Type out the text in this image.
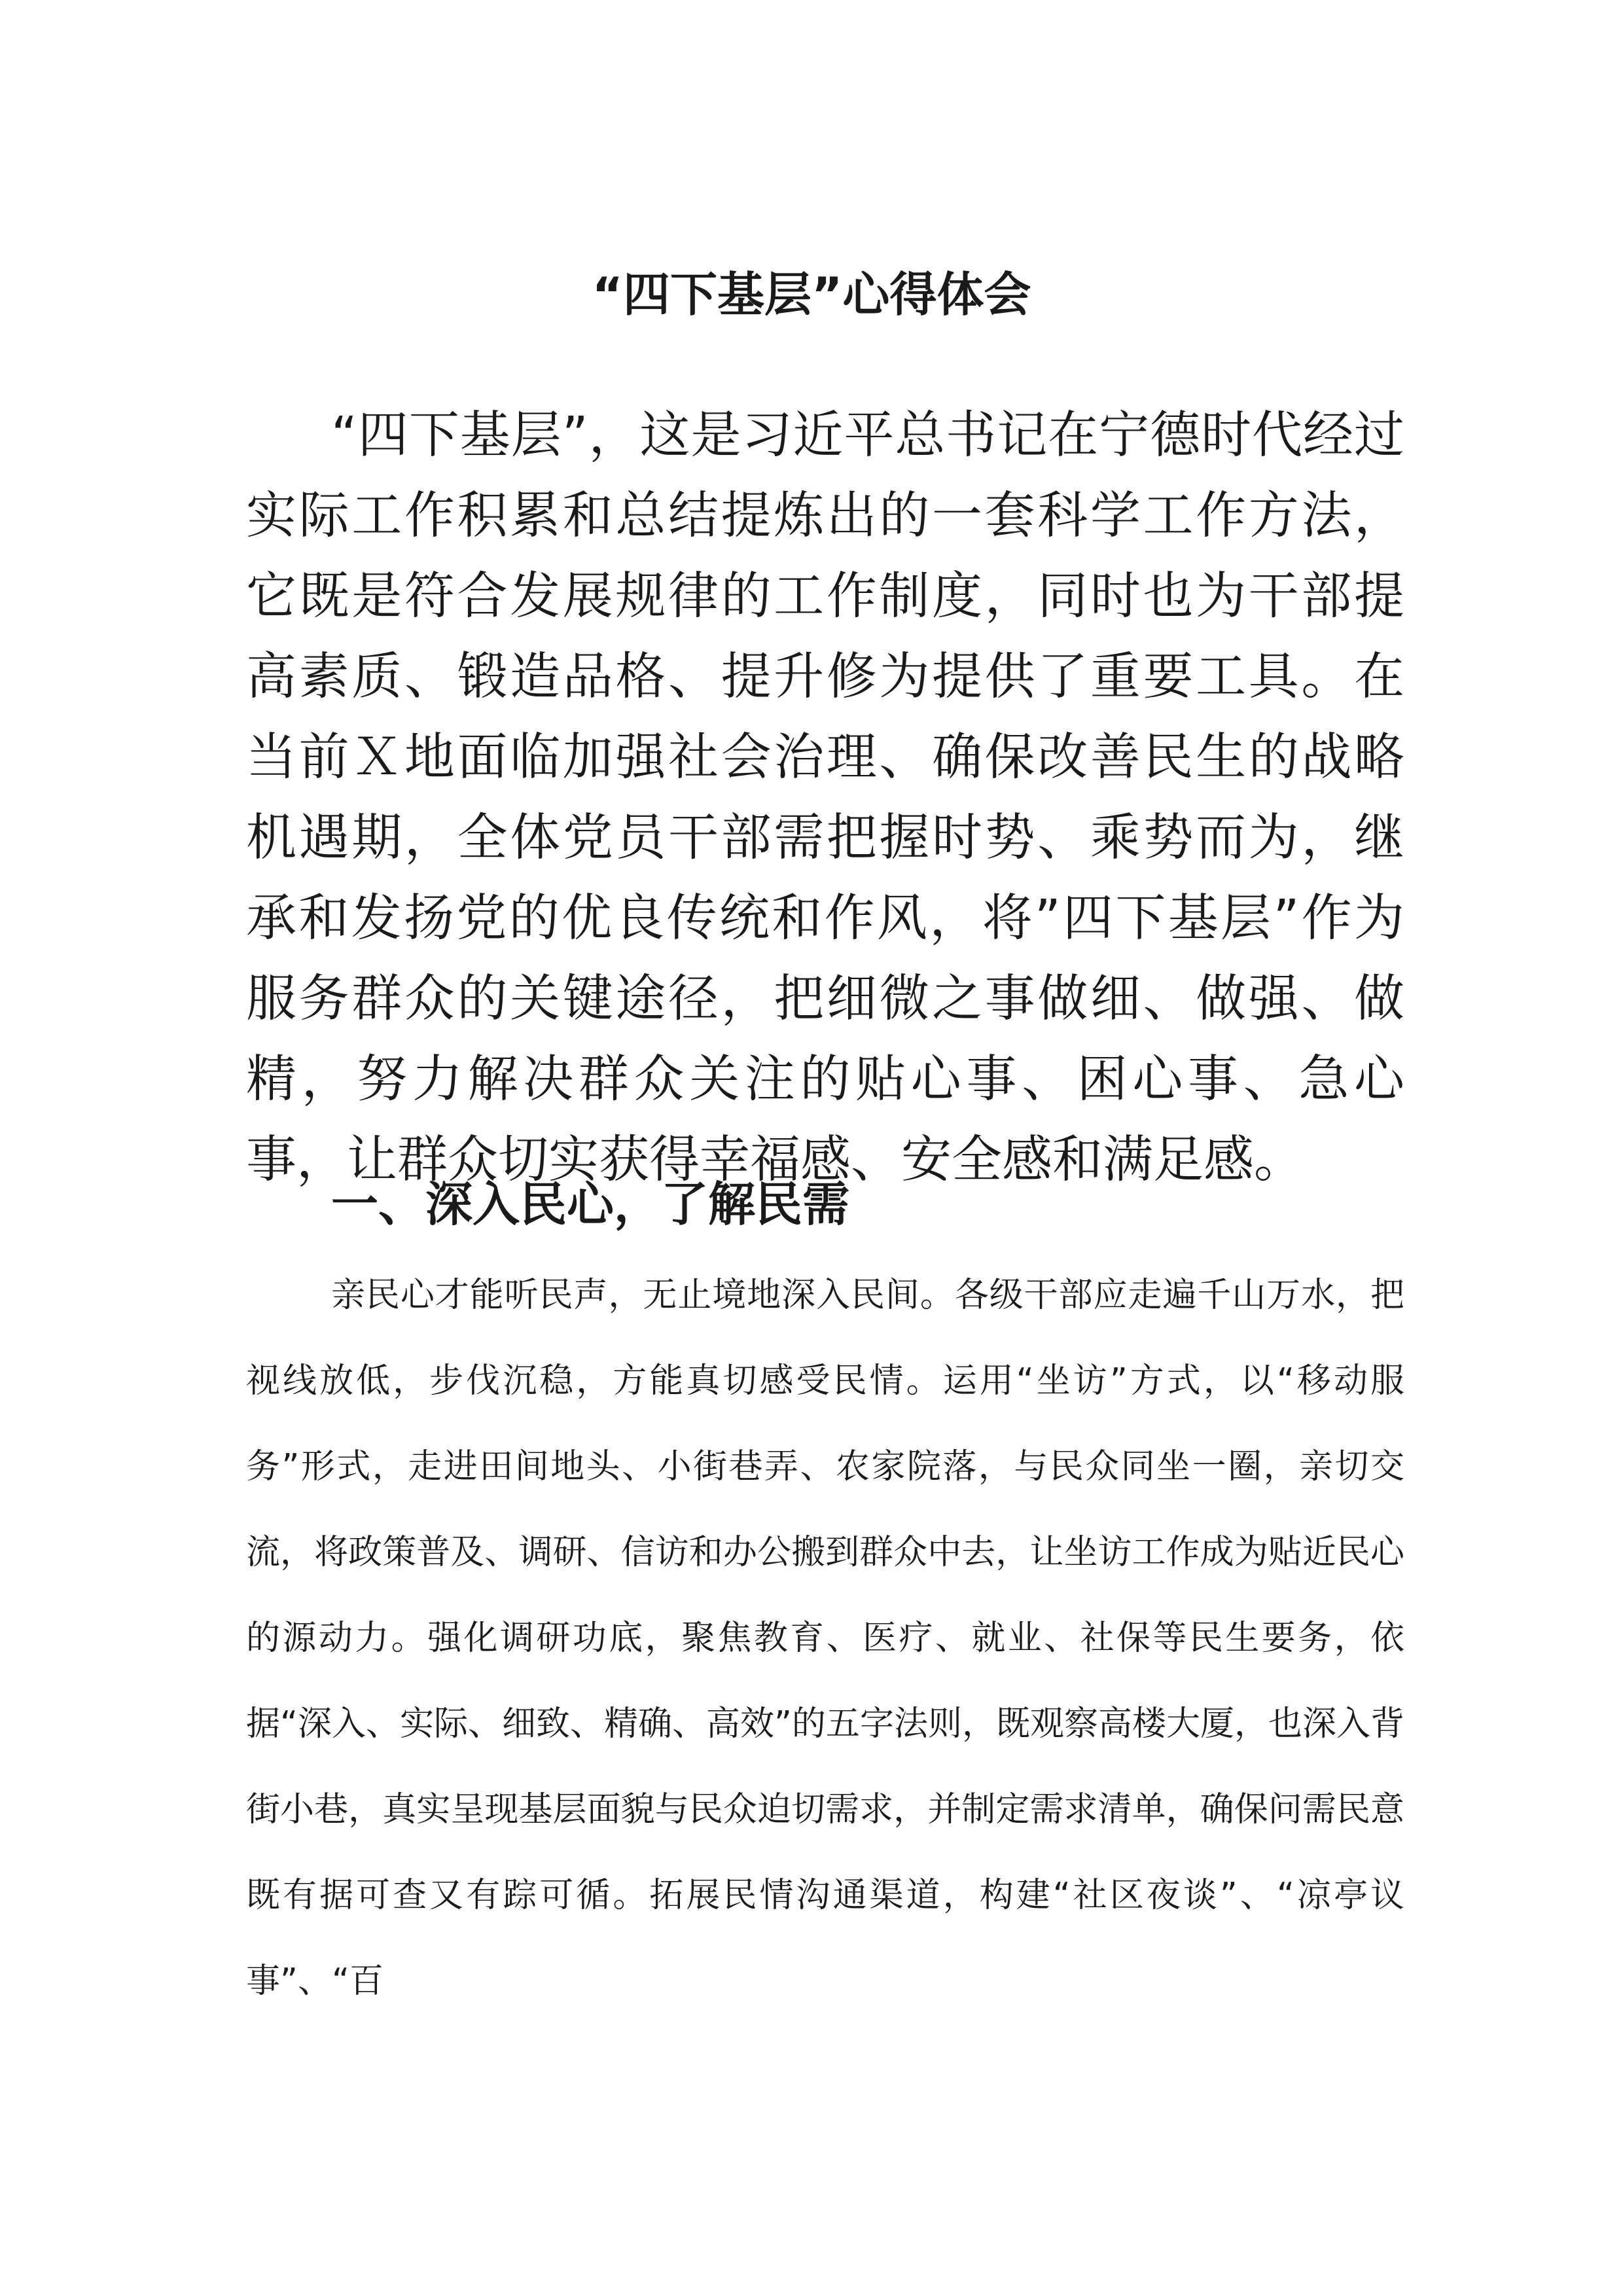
“四下基层”心得体会

“四下基层”，这是习近平总书记在宁德时代经过实际工作积累和总结提炼出的一套科学工作方法，它既是符合发展规律的工作制度，同时也为干部提高素质、锻造品格、提升修为提供了重要工具。在当前Ｘ地面临加强社会治理、确保改善民生的战略机遇期，全体党员干部需把握时势、乘势而为，继承和发扬党的优良传统和作风，将”四下基层”作为服务群众的关键途径，把细微之事做细、做强、做精，努力解决群众关注的贴心事、困心事、急心事，让群众切实获得幸福感、安全感和满足感。

一、深入民心，了解民需

亲民心才能听民声，无止境地深入民间。各级干部应走遍千山万水，把视线放低，步伐沉稳，方能真切感受民情。运用“坐访”方式，以“移动服务”形式，走进田间地头、小街巷弄、农家院落，与民众同坐一圈，亲切交流，将政策普及、调研、信访和办公搬到群众中去，让坐访工作成为贴近民心的源动力。强化调研功底，聚焦教育、医疗、就业、社保等民生要务，依据“深入、实际、细致、精确、高效”的五字法则，既观察高楼大厦，也深入背街小巷，真实呈现基层面貌与民众迫切需求，并制定需求清单，确保问需民意既有据可查又有踪可循。拓展民情沟通渠道，构建“社区夜谈”、“凉亭议事”、“百
